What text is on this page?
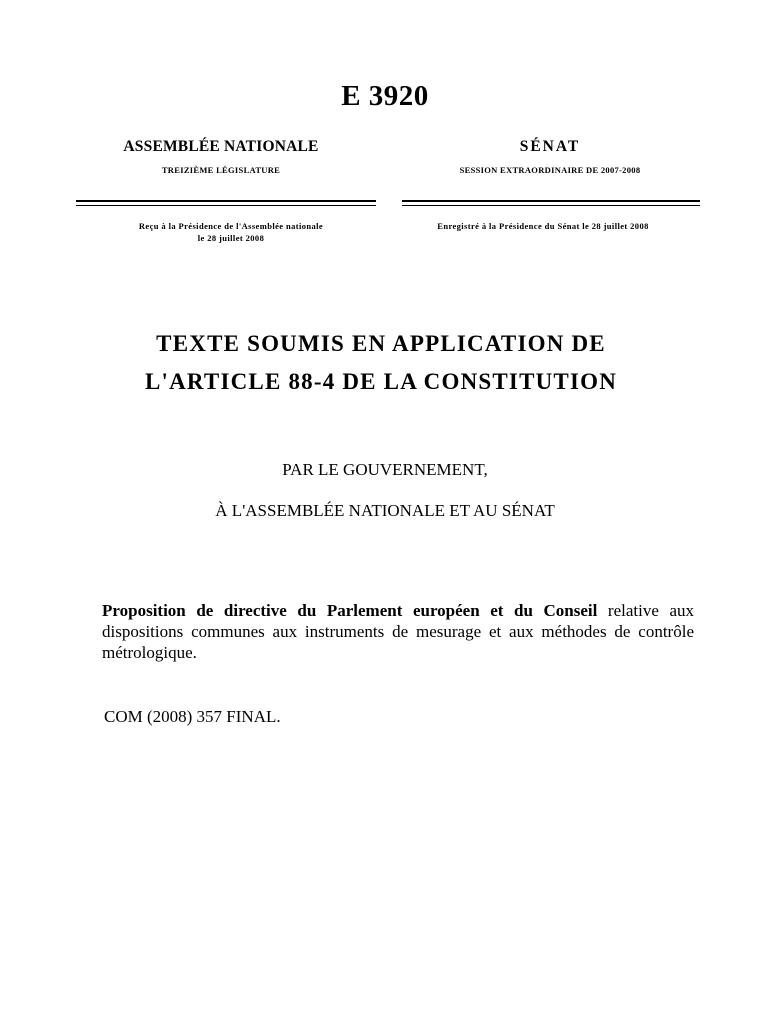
E 3920
ASSEMBLÉE NATIONALE
TREIZIÈME LÉGISLATURE
SÉNAT
SESSION EXTRAORDINAIRE DE 2007-2008
Reçu à la Présidence de l'Assemblée nationale
le 28 juillet 2008
Enregistré à la Présidence du Sénat le 28 juillet 2008
TEXTE SOUMIS EN APPLICATION DE
L'ARTICLE 88-4 DE LA CONSTITUTION
PAR LE GOUVERNEMENT,
À L'ASSEMBLÉE NATIONALE ET AU SÉNAT
Proposition de directive du Parlement européen et du Conseil relative aux dispositions communes aux instruments de mesurage et aux méthodes de contrôle métrologique.
COM (2008) 357 FINAL.
